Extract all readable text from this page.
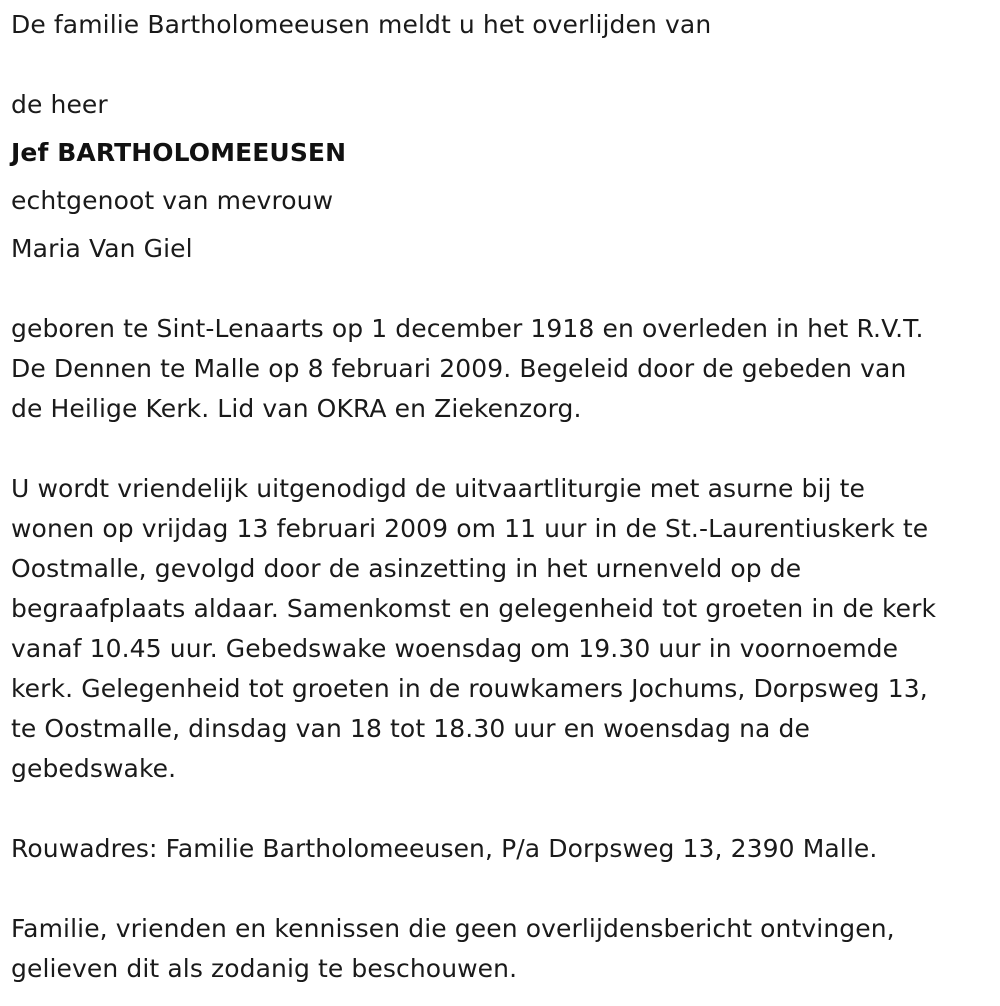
De familie Bartholomeeusen meldt u het overlijden van
de heer
Jef BARTHOLOMEEUSEN
echtgenoot van mevrouw
Maria Van Giel
geboren te Sint-Lenaarts op 1 december 1918 en overleden in het R.V.T.
De Dennen te Malle op 8 februari 2009. Begeleid door de gebeden van
de Heilige Kerk. Lid van OKRA en Ziekenzorg.
U wordt vriendelijk uitgenodigd de uitvaartliturgie met asurne bij te
wonen op vrijdag 13 februari 2009 om 11 uur in de St.-Laurentiuskerk te
Oostmalle, gevolgd door de asinzetting in het urnenveld op de
begraafplaats aldaar. Samenkomst en gelegenheid tot groeten in de kerk
vanaf 10.45 uur. Gebedswake woensdag om 19.30 uur in voornoemde
kerk. Gelegenheid tot groeten in de rouwkamers Jochums, Dorpsweg 13,
te Oostmalle, dinsdag van 18 tot 18.30 uur en woensdag na de
gebedswake.
Rouwadres: Familie Bartholomeeusen, P/a Dorpsweg 13, 2390 Malle.
Familie, vrienden en kennissen die geen overlijdensbericht ontvingen,
gelieven dit als zodanig te beschouwen.
